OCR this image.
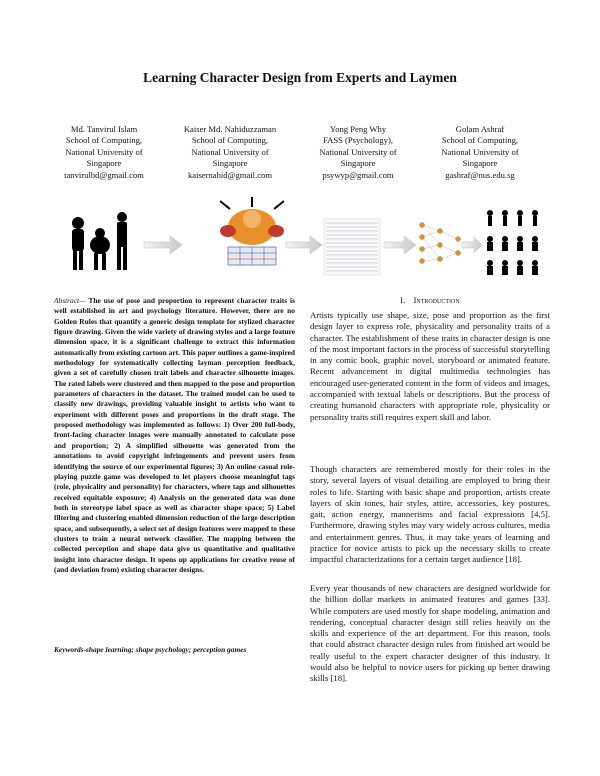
Learning Character Design from Experts and Laymen
Md. Tanvirul Islam
School of Computing,
National University of
Singapore
tanvirulbd@gmail.com
Kaiser Md. Nahiduzzaman
School of Computing,
National University of
Singapore
kaisernahid@gmail.com
Yong Peng Why
FASS (Psychology),
National University of
Singapore
psywyp@gmail.com
Golam Ashraf
School of Computing,
National University of
Singapore
gashraf@nus.edu.sg
Abstract— The use of pose and proportion to represent character traits is well established in art and psychology literature. However, there are no Golden Rules that quantify a generic design template for stylized character figure drawing. Given the wide variety of drawing styles and a large feature dimension space, it is a significant challenge to extract this information automatically from existing cartoon art. This paper outlines a game-inspired methodology for systematically collecting layman perception feedback, given a set of carefully chosen trait labels and character silhouette images. The rated labels were clustered and then mapped to the pose and proportion parameters of characters in the dataset. The trained model can be used to classify new drawings, providing valuable insight to artists who want to experiment with different poses and proportions in the draft stage. The proposed methodology was implemented as follows: 1) Over 200 full-body, front-facing character images were manually annotated to calculate pose and proportion; 2) A simplified silhouette was generated from the annotations to avoid copyright infringements and prevent users from identifying the source of our experimental figures; 3) An online casual role-playing puzzle game was developed to let players choose meaningful tags (role, physicality and personality) for characters, where tags and silhouettes received equitable exposure; 4) Analysis on the generated data was done both in stereotype label space as well as character shape space; 5) Label filtering and clustering enabled dimension reduction of the large description space, and subsequently, a select set of design features were mapped to these clusters to train a neural network classifier. The mapping between the collected perception and shape data give us quantitative and qualitative insight into character design. It opens up applications for creative reuse of (and deviation from) existing character designs.
Keywords-shape learning; shape psychology; perception games
I. Introduction
Artists typically use shape, size, pose and proportion as the first design layer to express role, physicality and personality traits of a character. The establishment of these traits in character design is one of the most important factors in the process of successful storytelling in any comic book, graphic novel, storyboard or animated feature. Recent advancement in digital multimedia technologies has encouraged user-generated content in the form of videos and images, accompanied with textual labels or descriptions. But the process of creating humanoid characters with appropriate role, physicality or personality traits still requires expert skill and labor.
Though characters are remembered mostly for their roles in the story, several layers of visual detailing are employed to bring their roles to life. Starting with basic shape and proportion, artists create layers of skin tones, hair styles, attire, accessories, key postures, gait, action energy, mannerisms and facial expressions [4,5]. Furthermore, drawing styles may vary widely across cultures, media and entertainment genres. Thus, it may take years of learning and practice for novice artists to pick up the necessary skills to create impactful characterizations for a certain target audience [18].
Every year thousands of new characters are designed worldwide for the billion dollar markets in animated features and games [33]. While computers are used mostly for shape modeling, animation and rendering, conceptual character design still relies heavily on the skills and experience of the art department. For this reason, tools that could abstract character design rules from finished art would be really useful to the expert character designer of this industry. It would also be helpful to novice users for picking up better drawing skills [18].
